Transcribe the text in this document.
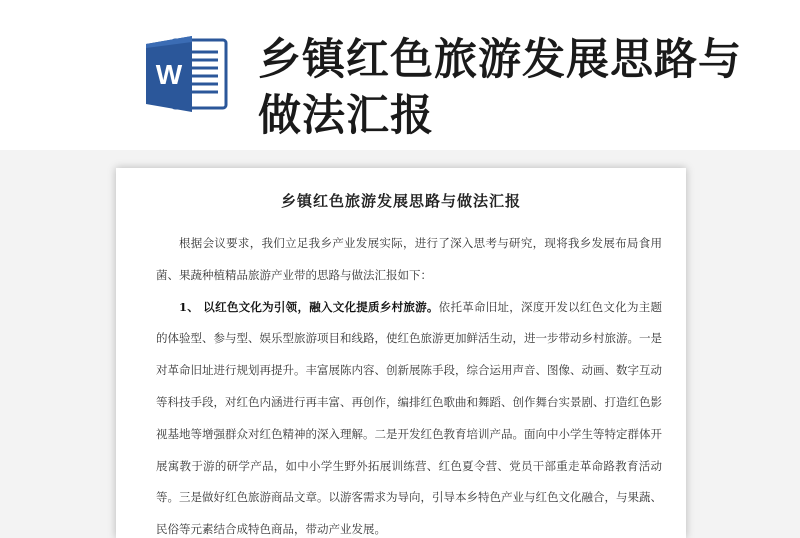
W 乡镇红色旅游发展思路与做法汇报
乡镇红色旅游发展思路与做法汇报

根据会议要求，我们立足我乡产业发展实际，进行了深入思考与研究，现将我乡发展布局食用菌、果蔬种植精品旅游产业带的思路与做法汇报如下：

1、 以红色文化为引领，融入文化提质乡村旅游。依托革命旧址，深度开发以红色文化为主题的体验型、参与型、娱乐型旅游项目和线路，使红色旅游更加鲜活生动，进一步带动乡村旅游。一是对革命旧址进行规划再提升。丰富展陈内容、创新展陈手段，综合运用声音、图像、动画、数字互动等科技手段，对红色内涵进行再丰富、再创作，编排红色歌曲和舞蹈、创作舞台实景剧、打造红色影视基地等增强群众对红色精神的深入理解。二是开发红色教育培训产品。面向中小学生等特定群体开展寓教于游的研学产品，如中小学生野外拓展训练营、红色夏令营、党员干部重走革命路教育活动等。三是做好红色旅游商品文章。以游客需求为导向，引导本乡特色产业与红色文化融合，与果蔬、民俗等元素结合成特色商品，带动产业发展。
